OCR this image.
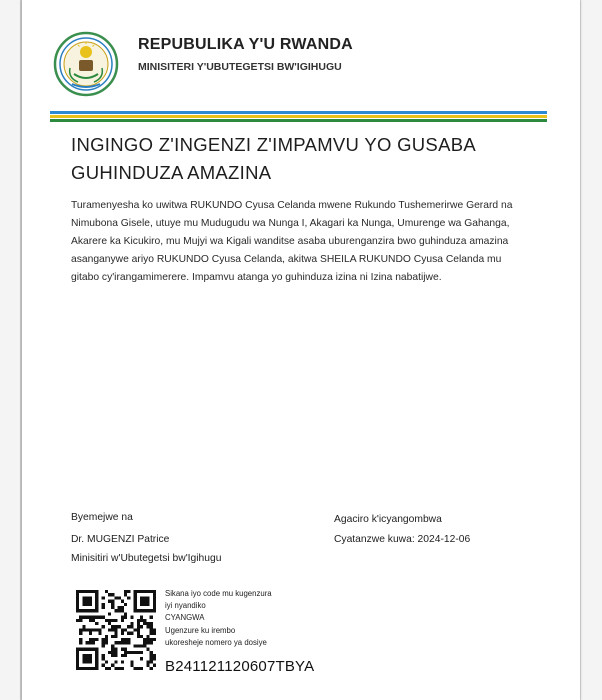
REPUBULIKA Y'U RWANDA
MINISITERI Y'UBUTEGETSI BW'IGIHUGU
INGINGO Z'INGENZI Z'IMPAMVU YO GUSABA
GUHINDUZA AMAZINA
Turamenyesha ko uwitwa RUKUNDO Cyusa Celanda mwene Rukundo Tushemerirwe Gerard na
Nimubona Gisele, utuye mu Mudugudu wa Nunga I, Akagari ka Nunga, Umurenge wa Gahanga,
Akarere ka Kicukiro, mu Mujyi wa Kigali wanditse asaba uburenganzira bwo guhinduza amazina
asanganywe ariyo RUKUNDO Cyusa Celanda, akitwa SHEILA RUKUNDO Cyusa Celanda mu
gitabo cy'irangamimerere. Impamvu atanga yo guhinduza izina ni Izina nabatijwe.
Byemejwe na
Dr. MUGENZI Patrice
Minisitiri w'Ubutegetsi bw'Igihugu
Agaciro k'icyangombwa
Cyatanzwe kuwa: 2024-12-06
Sikana iyo code mu kugenzura
iyi nyandiko
CYANGWA
Ugenzure ku irembo
ukoresheje nomero ya dosiye
B241121120607TBYA
